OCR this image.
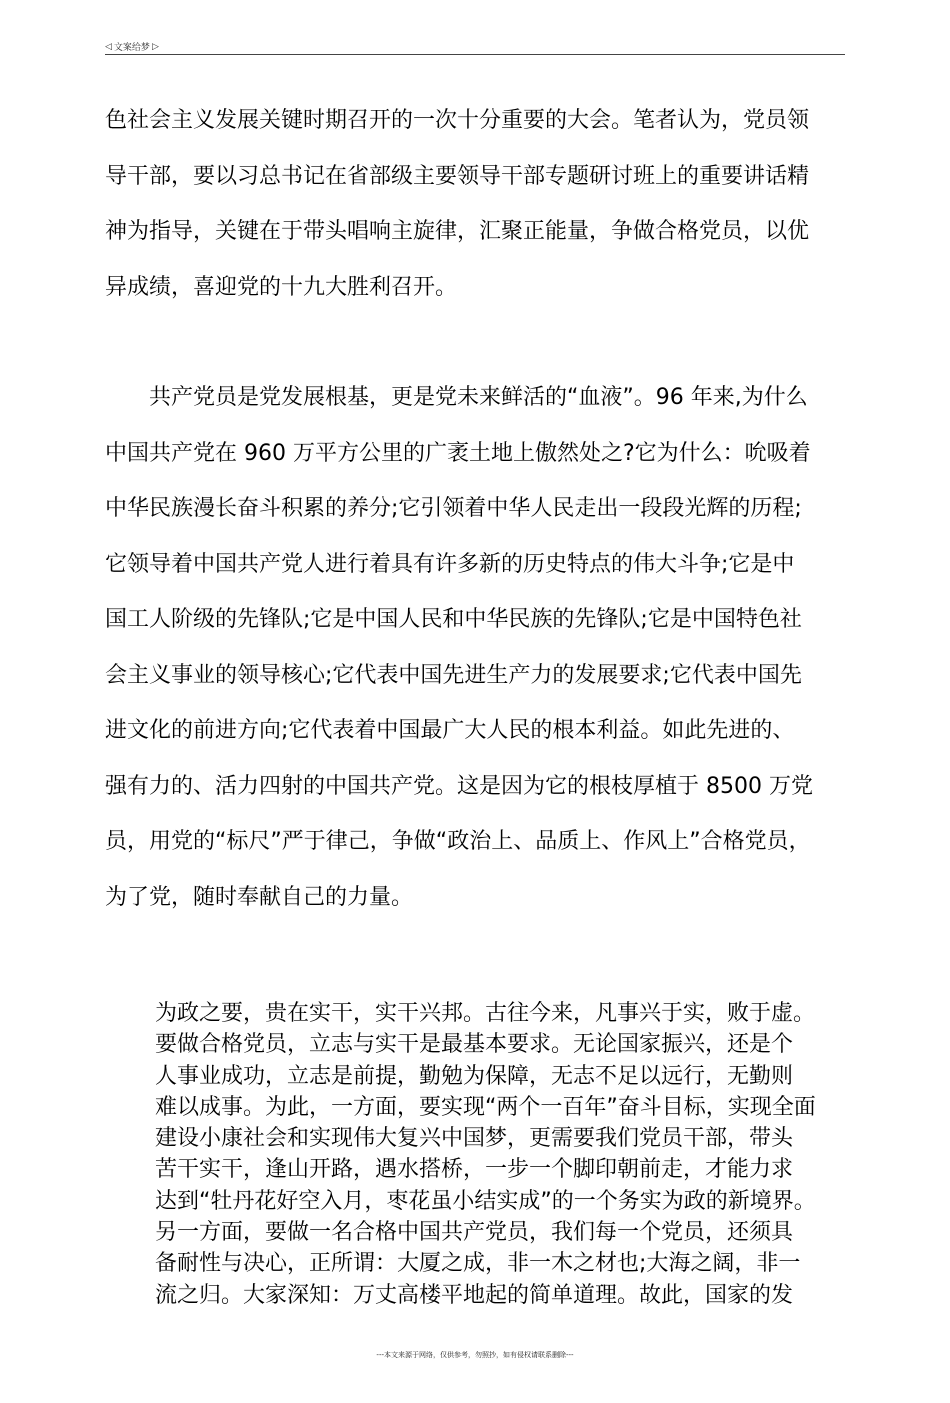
◁ 文案给梦 ▷

色社会主义发展关键时期召开的一次十分重要的大会。笔者认为，党员领
导干部，要以习总书记在省部级主要领导干部专题研讨班上的重要讲话精
神为指导，关键在于带头唱响主旋律，汇聚正能量，争做合格党员，以优
异成绩，喜迎党的十九大胜利召开。

共产党员是党发展根基，更是党未来鲜活的“血液”。96 年来,为什么
中国共产党在 960 万平方公里的广袤土地上傲然处之?它为什么：吮吸着
中华民族漫长奋斗积累的养分;它引领着中华人民走出一段段光辉的历程;
它领导着中国共产党人进行着具有许多新的历史特点的伟大斗争;它是中
国工人阶级的先锋队;它是中国人民和中华民族的先锋队;它是中国特色社
会主义事业的领导核心;它代表中国先进生产力的发展要求;它代表中国先
进文化的前进方向;它代表着中国最广大人民的根本利益。如此先进的、
强有力的、活力四射的中国共产党。这是因为它的根枝厚植于 8500 万党
员，用党的“标尺”严于律己，争做“政治上、品质上、作风上”合格党员，
为了党，随时奉献自己的力量。

为政之要，贵在实干，实干兴邦。古往今来，凡事兴于实，败于虚。
要做合格党员，立志与实干是最基本要求。无论国家振兴，还是个
人事业成功，立志是前提，勤勉为保障，无志不足以远行，无勤则
难以成事。为此，一方面，要实现“两个一百年”奋斗目标，实现全面
建设小康社会和实现伟大复兴中国梦，更需要我们党员干部，带头
苦干实干，逢山开路，遇水搭桥，一步一个脚印朝前走，才能力求
达到“牡丹花好空入月，枣花虽小结实成”的一个务实为政的新境界。
另一方面，要做一名合格中国共产党员，我们每一个党员，还须具
备耐性与决心，正所谓：大厦之成，非一木之材也;大海之阔，非一
流之归。大家深知：万丈高楼平地起的简单道理。故此，国家的发

---本文来源于网络，仅供参考，勿照抄，如有侵权请联系删除---
